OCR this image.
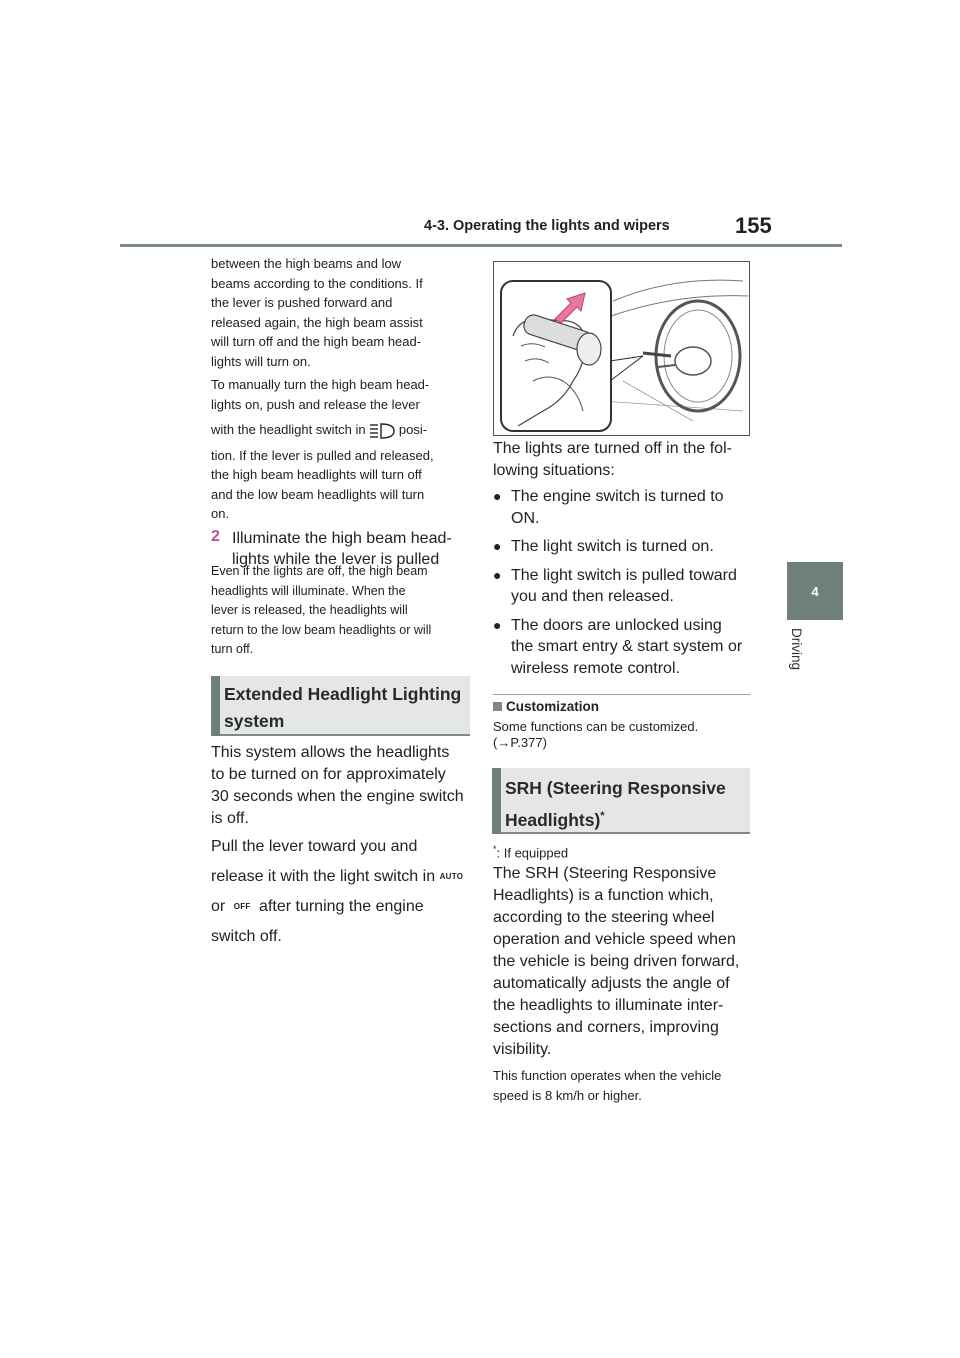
4-3. Operating the lights and wipers	155
4
Driving
between the high beams and low
beams according to the conditions. If
the lever is pushed forward and
released again, the high beam assist
will turn off and the high beam head-
lights will turn on.
To manually turn the high beam head-
lights on, push and release the lever
with the headlight switch in	posi-
tion. If the lever is pulled and released,
the high beam headlights will turn off
and the low beam headlights will turn
on.
2 Illuminate the high beam head-
lights while the lever is pulled
Even if the lights are off, the high beam
headlights will illuminate. When the
lever is released, the headlights will
return to the low beam headlights or will
turn off.
Extended Headlight Lighting
system
This system allows the headlights
to be turned on for approximately
30 seconds when the engine switch
is off.
Pull the lever toward you and
release it with the light switch in AUTO
or OFF after turning the engine
switch off.
The lights are turned off in the fol-
lowing situations:
● The engine switch is turned to
ON.
● The light switch is turned on.
● The light switch is pulled toward
you and then released.
● The doors are unlocked using
the smart entry & start system or
wireless remote control.
Customization
Some functions can be customized.
(→P.377)
SRH (Steering Responsive
Headlights)*
*: If equipped
The SRH (Steering Responsive
Headlights) is a function which,
according to the steering wheel
operation and vehicle speed when
the vehicle is being driven forward,
automatically adjusts the angle of
the headlights to illuminate inter-
sections and corners, improving
visibility.
This function operates when the vehicle
speed is 8 km/h or higher.
